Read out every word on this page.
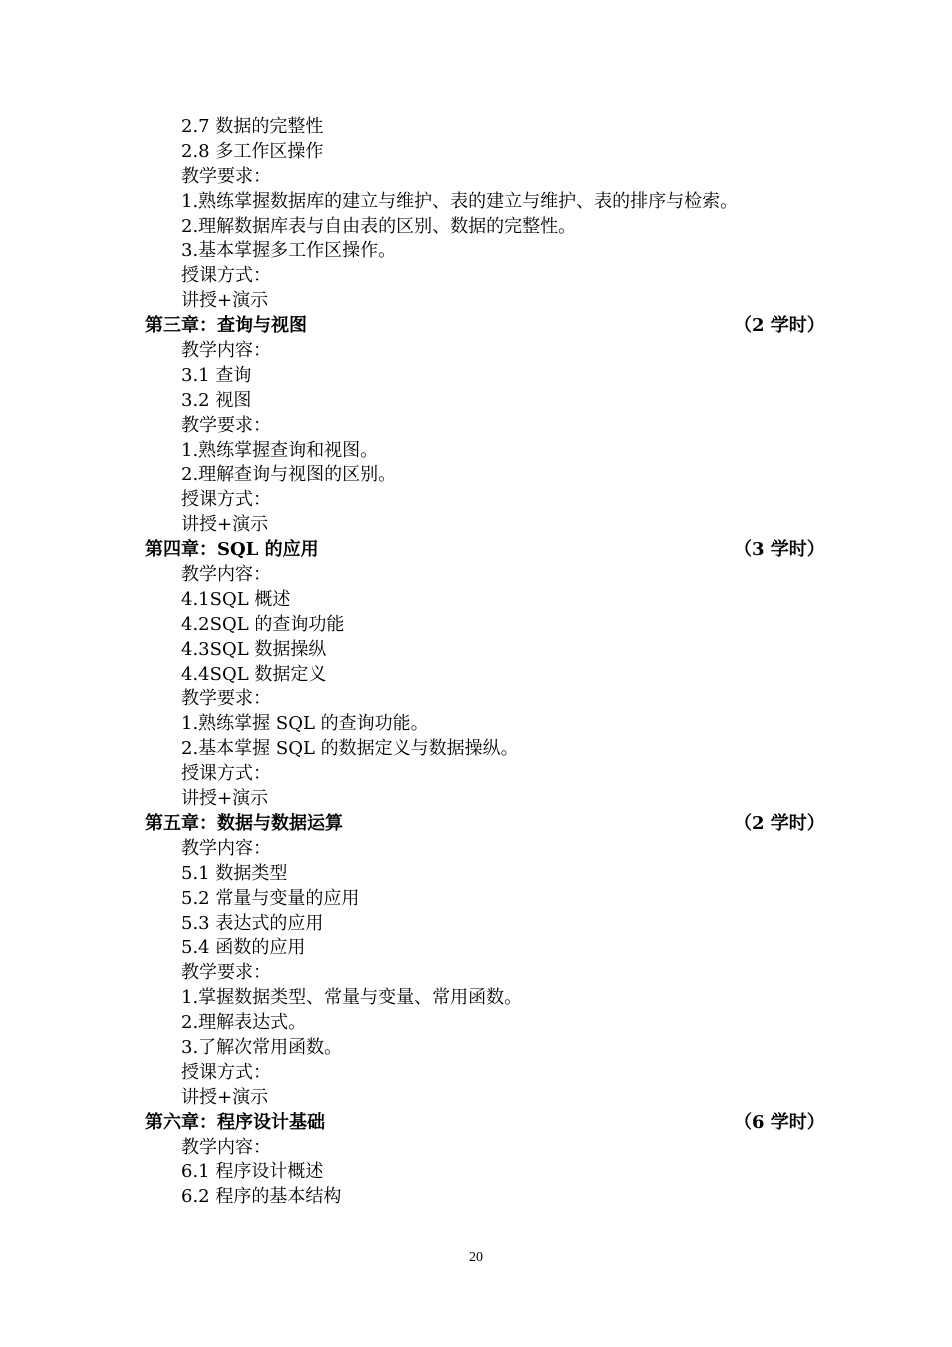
2.7 数据的完整性
2.8 多工作区操作
教学要求：
1.熟练掌握数据库的建立与维护、表的建立与维护、表的排序与检索。
2.理解数据库表与自由表的区别、数据的完整性。
3.基本掌握多工作区操作。
授课方式：
讲授+演示
第三章：查询与视图	（2 学时）
教学内容：
3.1 查询
3.2 视图
教学要求：
1.熟练掌握查询和视图。
2.理解查询与视图的区别。
授课方式：
讲授+演示
第四章：SQL 的应用	（3 学时）
教学内容：
4.1SQL 概述
4.2SQL 的查询功能
4.3SQL 数据操纵
4.4SQL 数据定义
教学要求：
1.熟练掌握 SQL 的查询功能。
2.基本掌握 SQL 的数据定义与数据操纵。
授课方式：
讲授+演示
第五章：数据与数据运算	（2 学时）
教学内容：
5.1 数据类型
5.2 常量与变量的应用
5.3 表达式的应用
5.4 函数的应用
教学要求：
1.掌握数据类型、常量与变量、常用函数。
2.理解表达式。
3.了解次常用函数。
授课方式：
讲授+演示
第六章：程序设计基础	（6 学时）
教学内容：
6.1 程序设计概述
6.2 程序的基本结构
20
